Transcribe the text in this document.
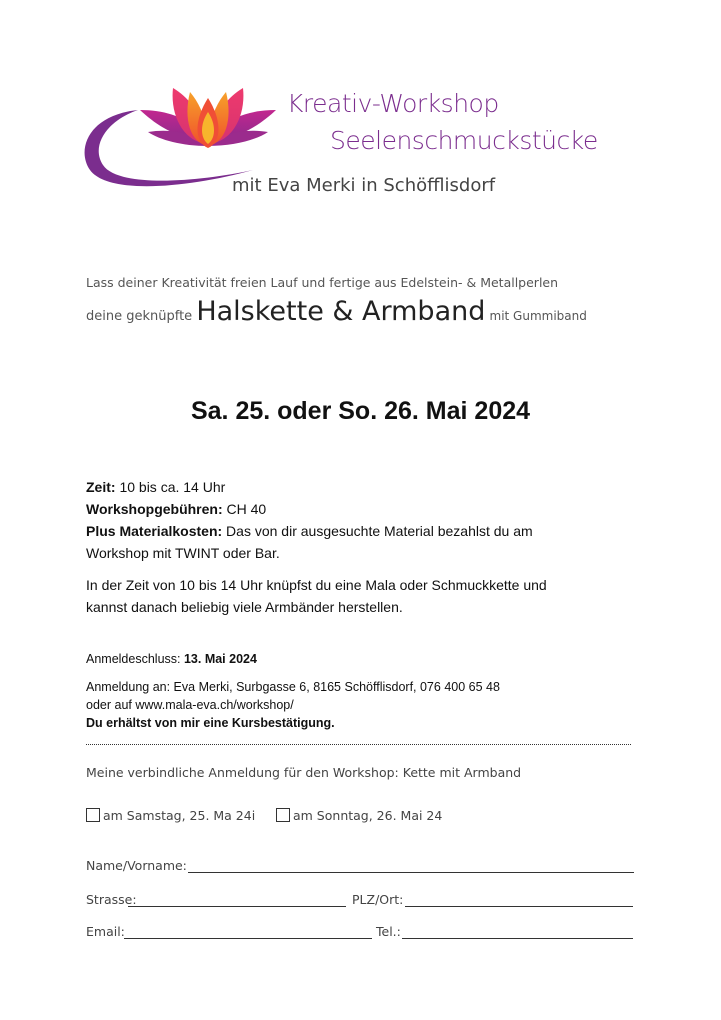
Kreativ-Workshop
Seelenschmuckstücke
mit Eva Merki in Schöfflisdorf
Lass deiner Kreativität freien Lauf und fertige aus Edelstein- & Metallperlen
deine geknüpfte Halskette & Armband mit Gummiband
Sa. 25. oder So. 26. Mai 2024
Zeit: 10 bis ca. 14 Uhr
Workshopgebühren: CH 40
Plus Materialkosten: Das von dir ausgesuchte Material bezahlst du am
Workshop mit TWINT oder Bar.
In der Zeit von 10 bis 14 Uhr knüpfst du eine Mala oder Schmuckkette und
kannst danach beliebig viele Armbänder herstellen.
Anmeldeschluss: 13. Mai 2024
Anmeldung an: Eva Merki, Surbgasse 6, 8165 Schöfflisdorf, 076 400 65 48
oder auf www.mala-eva.ch/workshop/
Du erhältst von mir eine Kursbestätigung.
Meine verbindliche Anmeldung für den Workshop: Kette mit Armband
am Samstag, 25. Ma 24i	am Sonntag, 26. Mai 24
Name/Vorname:
Strasse:	PLZ/Ort:
Email:	Tel.:
